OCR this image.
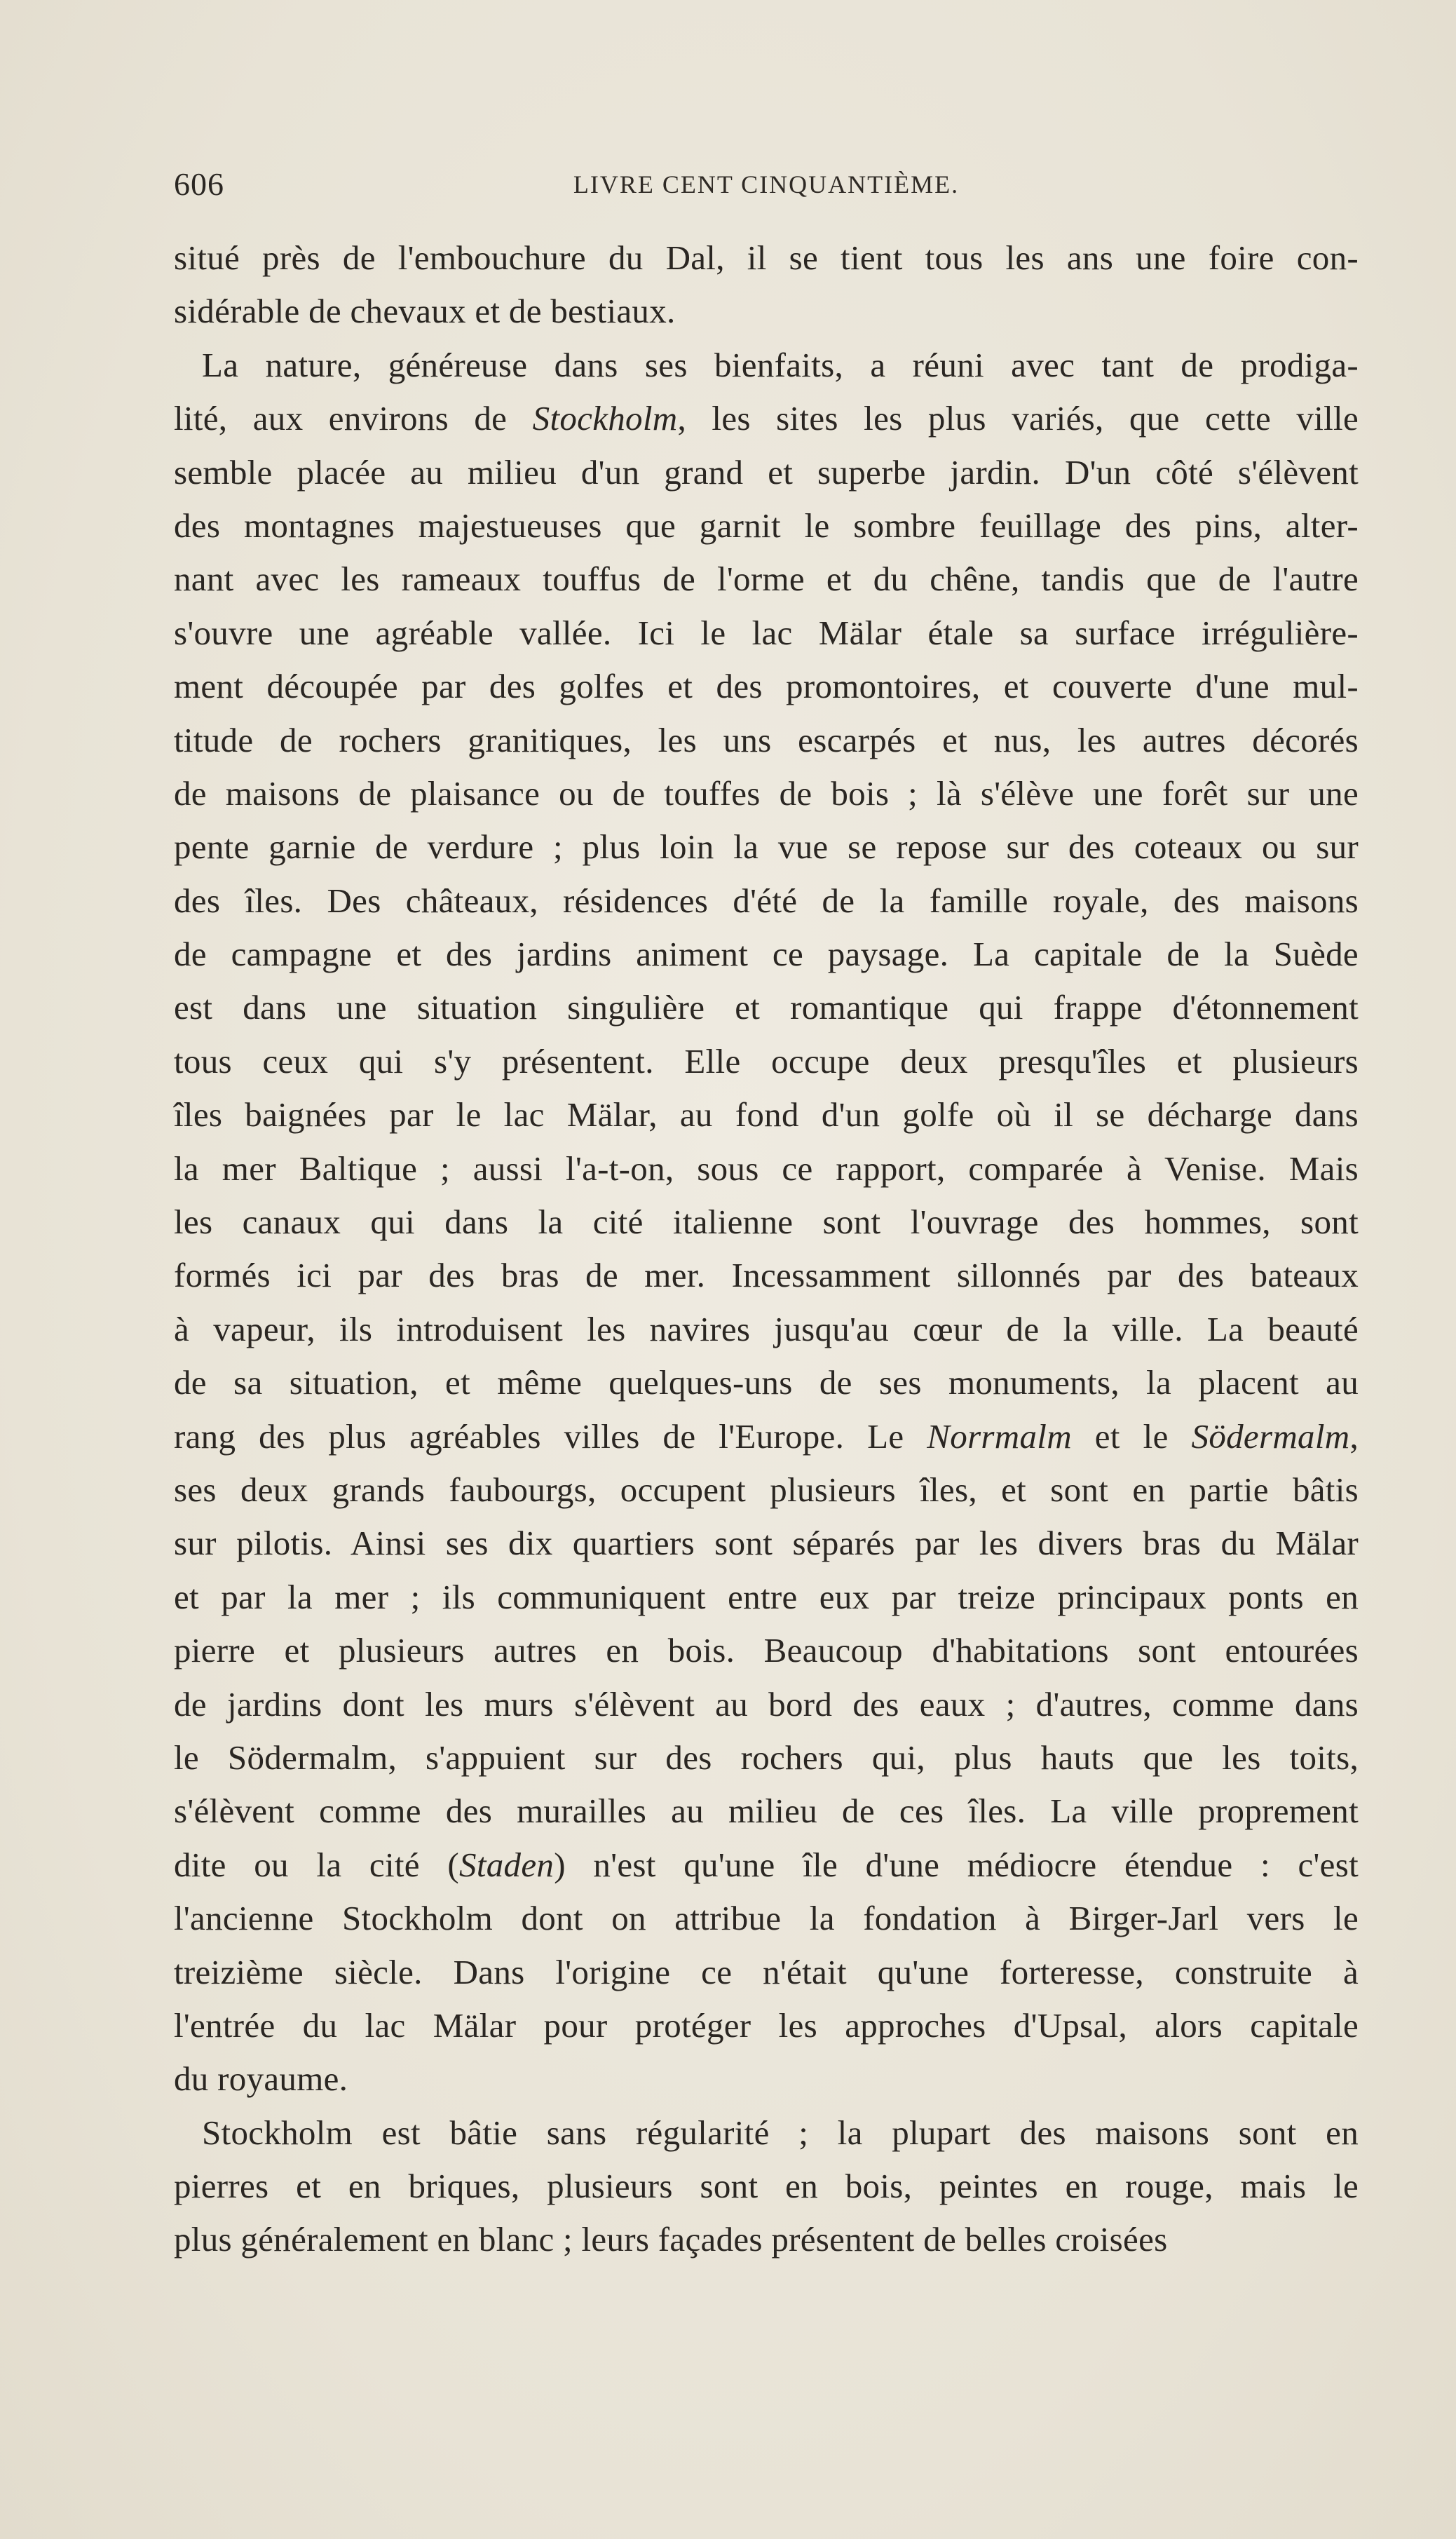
606	LIVRE CENT CINQUANTIÈME.
situé près de l'embouchure du Dal, il se tient tous les ans une foire con-
sidérable de chevaux et de bestiaux.
La nature, généreuse dans ses bienfaits, a réuni avec tant de prodiga-
lité, aux environs de Stockholm, les sites les plus variés, que cette ville
semble placée au milieu d'un grand et superbe jardin. D'un côté s'élèvent
des montagnes majestueuses que garnit le sombre feuillage des pins, alter-
nant avec les rameaux touffus de l'orme et du chêne, tandis que de l'autre
s'ouvre une agréable vallée. Ici le lac Mälar étale sa surface irrégulière-
ment découpée par des golfes et des promontoires, et couverte d'une mul-
titude de rochers granitiques, les uns escarpés et nus, les autres décorés
de maisons de plaisance ou de touffes de bois ; là s'élève une forêt sur une
pente garnie de verdure ; plus loin la vue se repose sur des coteaux ou sur
des îles. Des châteaux, résidences d'été de la famille royale, des maisons
de campagne et des jardins animent ce paysage. La capitale de la Suède
est dans une situation singulière et romantique qui frappe d'étonnement
tous ceux qui s'y présentent. Elle occupe deux presqu'îles et plusieurs
îles baignées par le lac Mälar, au fond d'un golfe où il se décharge dans
la mer Baltique ; aussi l'a-t-on, sous ce rapport, comparée à Venise. Mais
les canaux qui dans la cité italienne sont l'ouvrage des hommes, sont
formés ici par des bras de mer. Incessamment sillonnés par des bateaux
à vapeur, ils introduisent les navires jusqu'au cœur de la ville. La beauté
de sa situation, et même quelques-uns de ses monuments, la placent au
rang des plus agréables villes de l'Europe. Le Norrmalm et le Södermalm,
ses deux grands faubourgs, occupent plusieurs îles, et sont en partie bâtis
sur pilotis. Ainsi ses dix quartiers sont séparés par les divers bras du Mälar
et par la mer ; ils communiquent entre eux par treize principaux ponts en
pierre et plusieurs autres en bois. Beaucoup d'habitations sont entourées
de jardins dont les murs s'élèvent au bord des eaux ; d'autres, comme dans
le Södermalm, s'appuient sur des rochers qui, plus hauts que les toits,
s'élèvent comme des murailles au milieu de ces îles. La ville proprement
dite ou la cité (Staden) n'est qu'une île d'une médiocre étendue : c'est
l'ancienne Stockholm dont on attribue la fondation à Birger-Jarl vers le
treizième siècle. Dans l'origine ce n'était qu'une forteresse, construite à
l'entrée du lac Mälar pour protéger les approches d'Upsal, alors capitale
du royaume.
Stockholm est bâtie sans régularité ; la plupart des maisons sont en
pierres et en briques, plusieurs sont en bois, peintes en rouge, mais le
plus généralement en blanc ; leurs façades présentent de belles croisées
